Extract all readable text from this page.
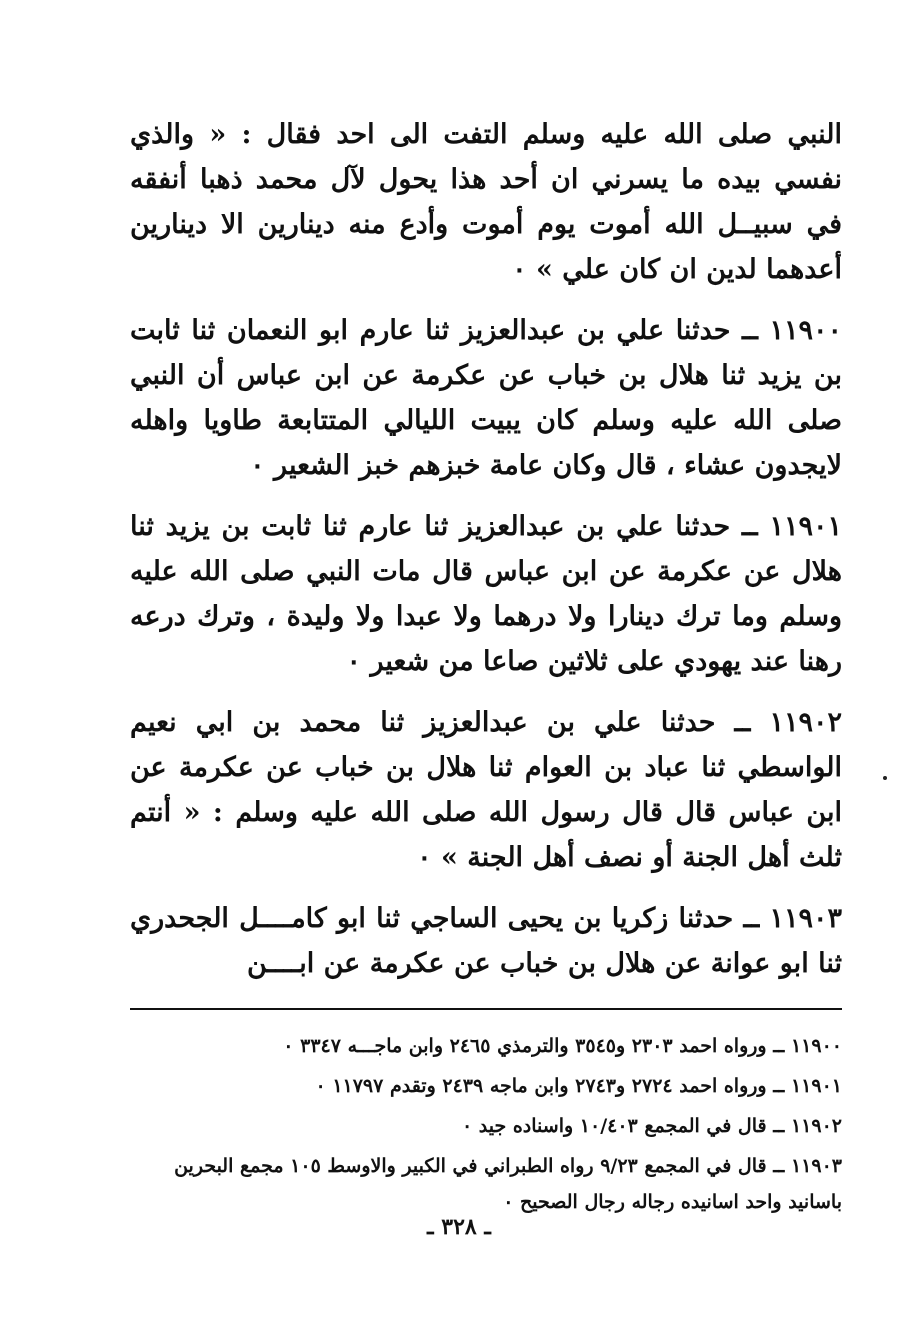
النبي صلى الله عليه وسلم التفت الى احد فقال : « والذي نفسي بيده ما يسرني ان أحد هذا يحول لآل محمد ذهبا أنفقه في سبيــل الله أموت يوم أموت وأدع منه دينارين الا دينارين أعدهما لدين ان كان علي » ٠

١١٩٠٠ ــ حدثنا علي بن عبدالعزيز ثنا عارم ابو النعمان ثنا ثابت بن يزيد ثنا هلال بن خباب عن عكرمة عن ابن عباس أن النبي صلى الله عليه وسلم كان يبيت الليالي المتتابعة طاويا واهله لايجدون عشاء ، قال وكان عامة خبزهم خبز الشعير ٠

١١٩٠١ ــ حدثنا علي بن عبدالعزيز ثنا عارم ثنا ثابت بن يزيد ثنا هلال عن عكرمة عن ابن عباس قال مات النبي صلى الله عليه وسلم وما ترك دينارا ولا درهما ولا عبدا ولا وليدة ، وترك درعه رهنا عند يهودي على ثلاثين صاعا من شعير ٠

١١٩٠٢ ــ حدثنا علي بن عبدالعزيز ثنا محمد بن ابي نعيم الواسطي ثنا عباد بن العوام ثنا هلال بن خباب عن عكرمة عن ابن عباس قال قال رسول الله صلى الله عليه وسلم : « أنتم ثلث أهل الجنة أو نصف أهل الجنة » ٠

١١٩٠٣ ــ حدثنا زكريا بن يحيى الساجي ثنا ابو كامــــل الجحدري ثنا ابو عوانة عن هلال بن خباب عن عكرمة عن ابــــن

١١٩٠٠ ــ ورواه احمد ٢٣٠٣ و٣٥٤٥ والترمذي ٢٤٦٥ وابن ماجـــه ٣٣٤٧ ٠

١١٩٠١ ــ ورواه احمد ٢٧٢٤ و٢٧٤٣ وابن ماجه ٢٤٣٩ وتقدم ١١٧٩٧ ٠

١١٩٠٢ ــ قال في المجمع ١٠/٤٠٣ واسناده جيد ٠

١١٩٠٣ ــ قال في المجمع ٩/٢٣ رواه الطبراني في الكبير والاوسط ١٠٥ مجمع البحرين باسانيد واحد اسانيده رجاله رجال الصحيح ٠

ـ ٣٢٨ ـ
